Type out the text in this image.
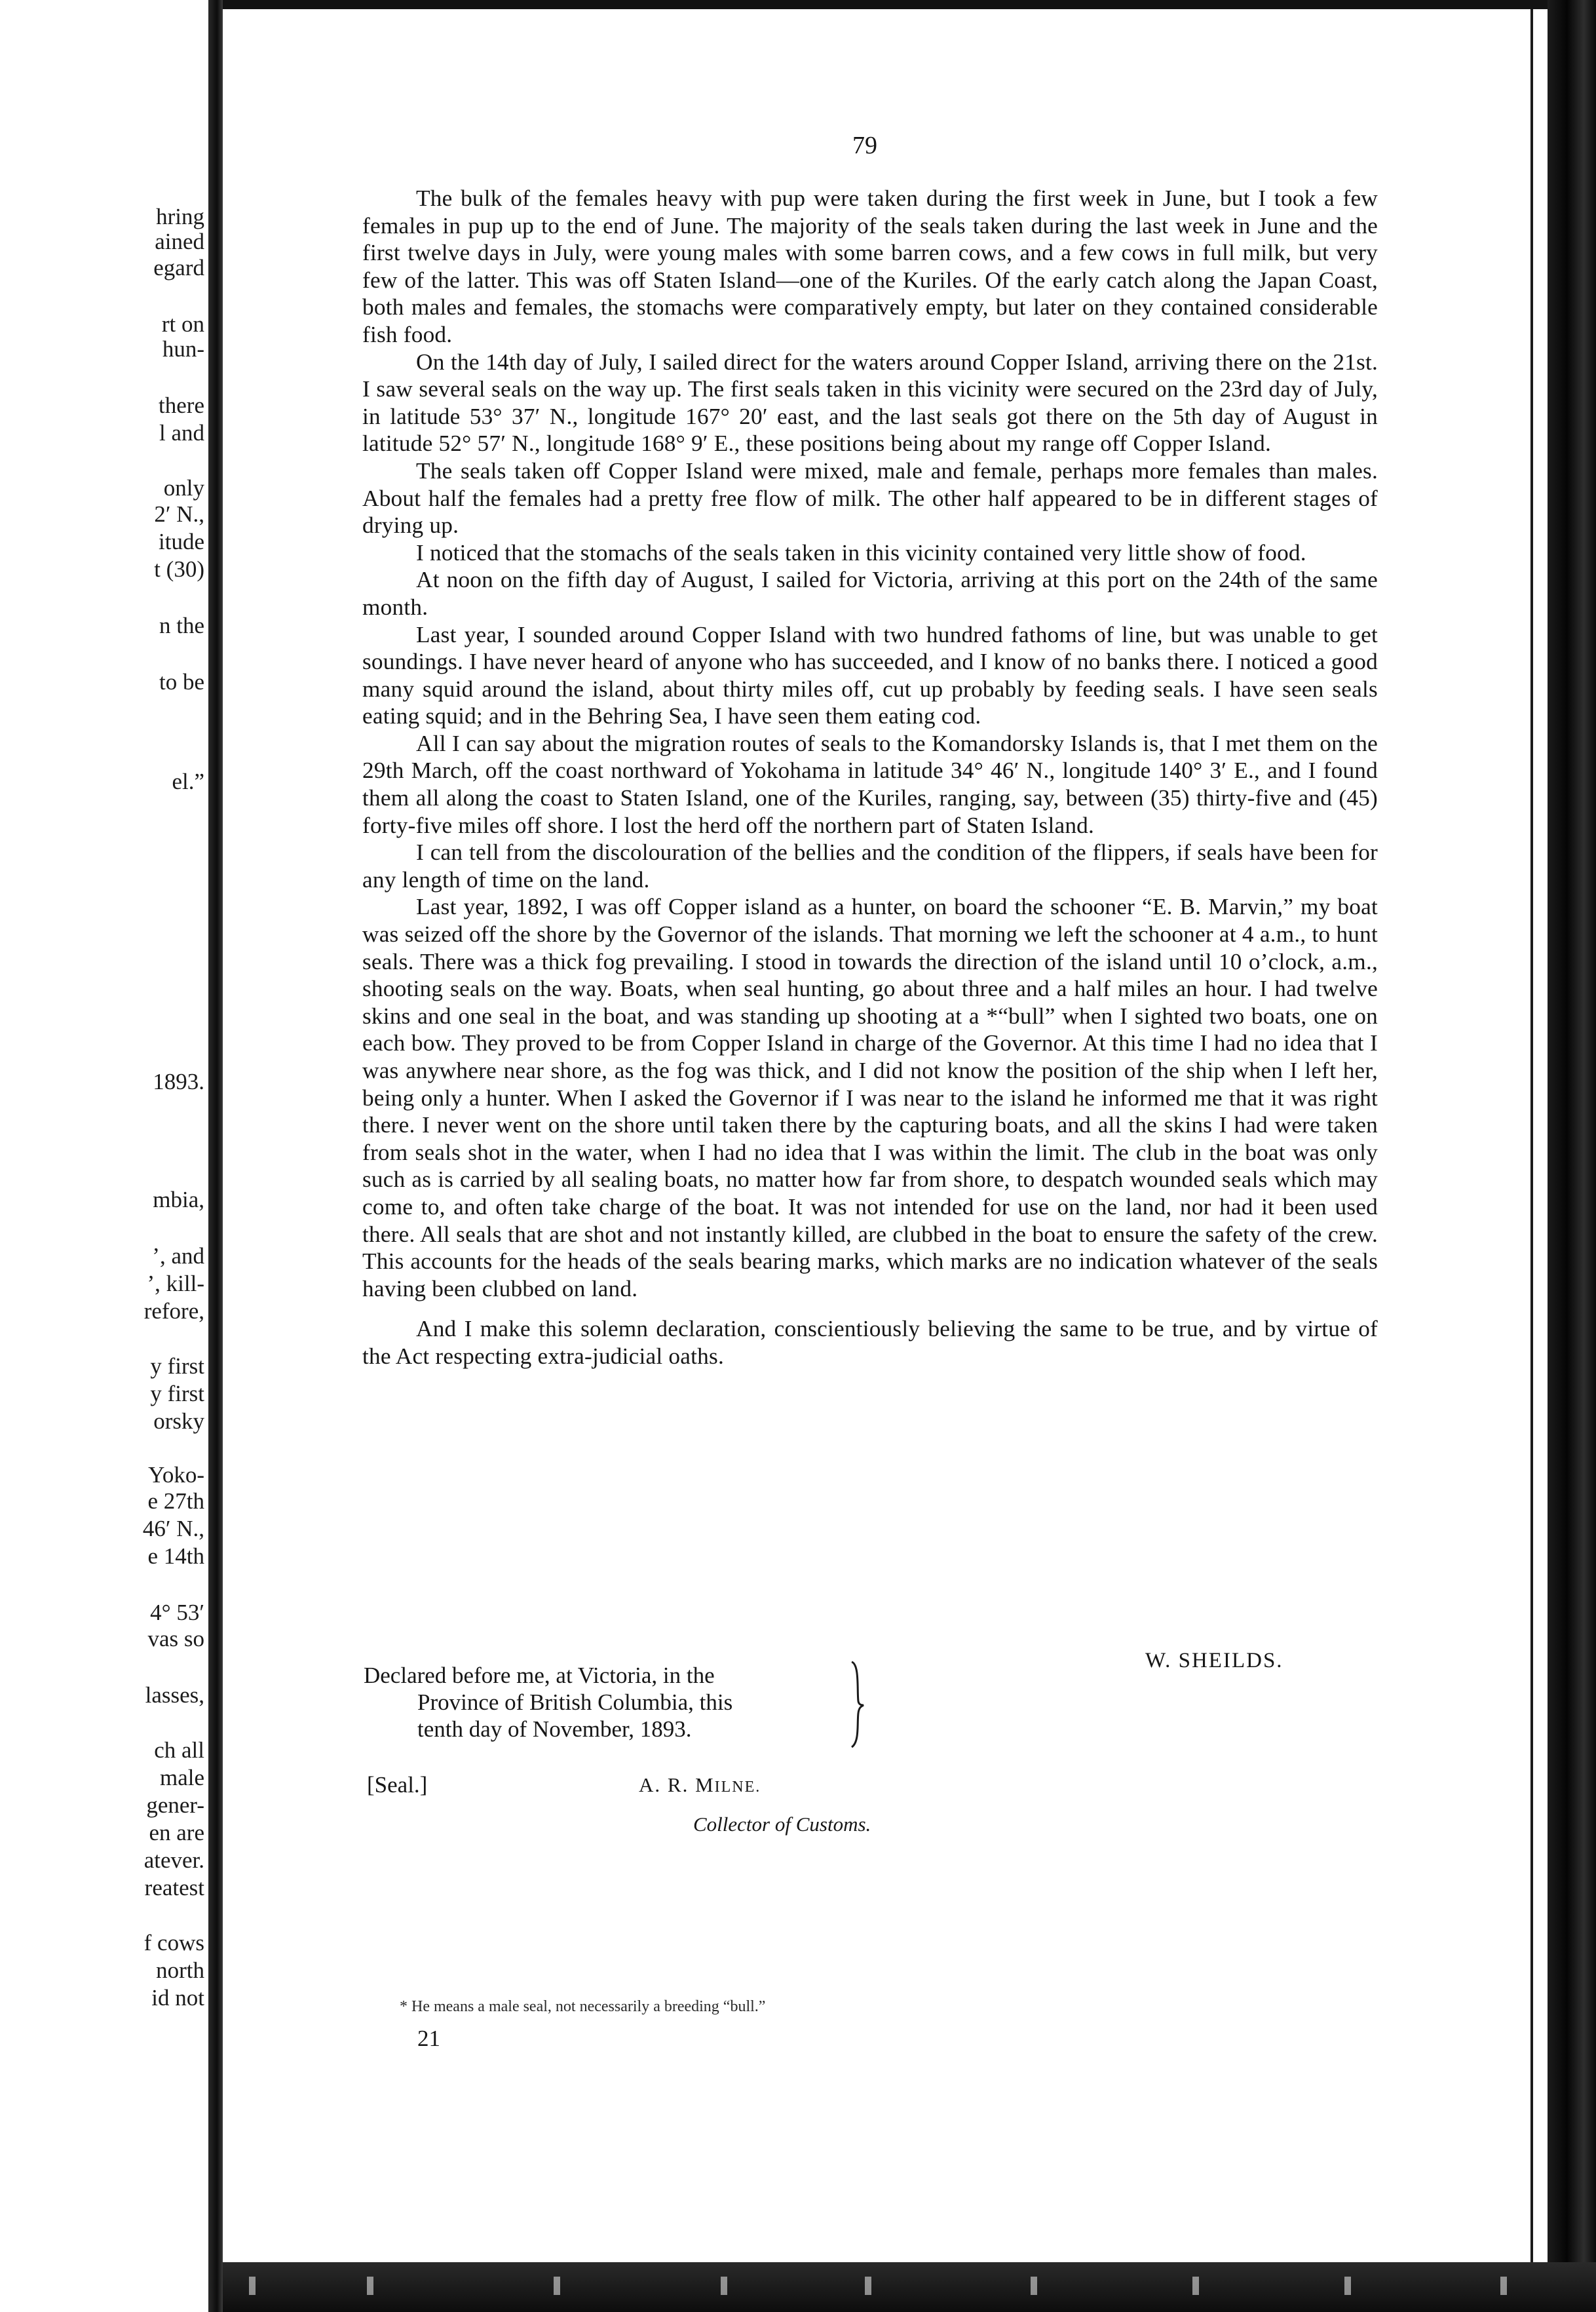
hring
ained
egard
rt on
hun-
there
l and
only
2′ N.,
itude
t (30)
n the
to be
el.”
1893.
mbia,
’, and
’, kill-
refore,
y first
y first
orsky
Yoko-
e 27th
46′ N.,
e 14th
4° 53′
vas so
lasses,
ch all
male
gener-
en are
atever.
reatest
f cows
north
id not
79

The bulk of the females heavy with pup were taken during the first week in June, but I took a few females in pup up to the end of June. The majority of the seals taken during the last week in June and the first twelve days in July, were young males with some barren cows, and a few cows in full milk, but very few of the latter. This was off Staten Island—one of the Kuriles. Of the early catch along the Japan Coast, both males and females, the stomachs were comparatively empty, but later on they contained considerable fish food.

On the 14th day of July, I sailed direct for the waters around Copper Island, arriving there on the 21st. I saw several seals on the way up. The first seals taken in this vicinity were secured on the 23rd day of July, in latitude 53° 37′ N., longitude 167° 20′ east, and the last seals got there on the 5th day of August in latitude 52° 57′ N., longitude 168° 9′ E., these positions being about my range off Copper Island.

The seals taken off Copper Island were mixed, male and female, perhaps more females than males. About half the females had a pretty free flow of milk. The other half appeared to be in different stages of drying up.

I noticed that the stomachs of the seals taken in this vicinity contained very little show of food.

At noon on the fifth day of August, I sailed for Victoria, arriving at this port on the 24th of the same month.

Last year, I sounded around Copper Island with two hundred fathoms of line, but was unable to get soundings. I have never heard of anyone who has succeeded, and I know of no banks there. I noticed a good many squid around the island, about thirty miles off, cut up probably by feeding seals. I have seen seals eating squid; and in the Behring Sea, I have seen them eating cod.

All I can say about the migration routes of seals to the Komandorsky Islands is, that I met them on the 29th March, off the coast northward of Yokohama in latitude 34° 46′ N., longitude 140° 3′ E., and I found them all along the coast to Staten Island, one of the Kuriles, ranging, say, between (35) thirty-five and (45) forty-five miles off shore. I lost the herd off the northern part of Staten Island.

I can tell from the discolouration of the bellies and the condition of the flippers, if seals have been for any length of time on the land.

Last year, 1892, I was off Copper island as a hunter, on board the schooner “E. B. Marvin,” my boat was seized off the shore by the Governor of the islands. That morning we left the schooner at 4 a.m., to hunt seals. There was a thick fog prevailing. I stood in towards the direction of the island until 10 o’clock, a.m., shooting seals on the way. Boats, when seal hunting, go about three and a half miles an hour. I had twelve skins and one seal in the boat, and was standing up shooting at a *“bull” when I sighted two boats, one on each bow. They proved to be from Copper Island in charge of the Governor. At this time I had no idea that I was anywhere near shore, as the fog was thick, and I did not know the position of the ship when I left her, being only a hunter. When I asked the Governor if I was near to the island he informed me that it was right there. I never went on the shore until taken there by the capturing boats, and all the skins I had were taken from seals shot in the water, when I had no idea that I was within the limit. The club in the boat was only such as is carried by all sealing boats, no matter how far from shore, to despatch wounded seals which may come to, and often take charge of the boat. It was not intended for use on the land, nor had it been used there. All seals that are shot and not instantly killed, are clubbed in the boat to ensure the safety of the crew. This accounts for the heads of the seals bearing marks, which marks are no indication whatever of the seals having been clubbed on land.

And I make this solemn declaration, conscientiously believing the same to be true, and by virtue of the Act respecting extra-judicial oaths.

W. SHEILDS.
Declared before me, at Victoria, in the
Province of British Columbia, this
tenth day of November, 1893.
[Seal.]	A. R. MILNE.
Collector of Customs.
* He means a male seal, not necessarily a breeding “bull.”
21
